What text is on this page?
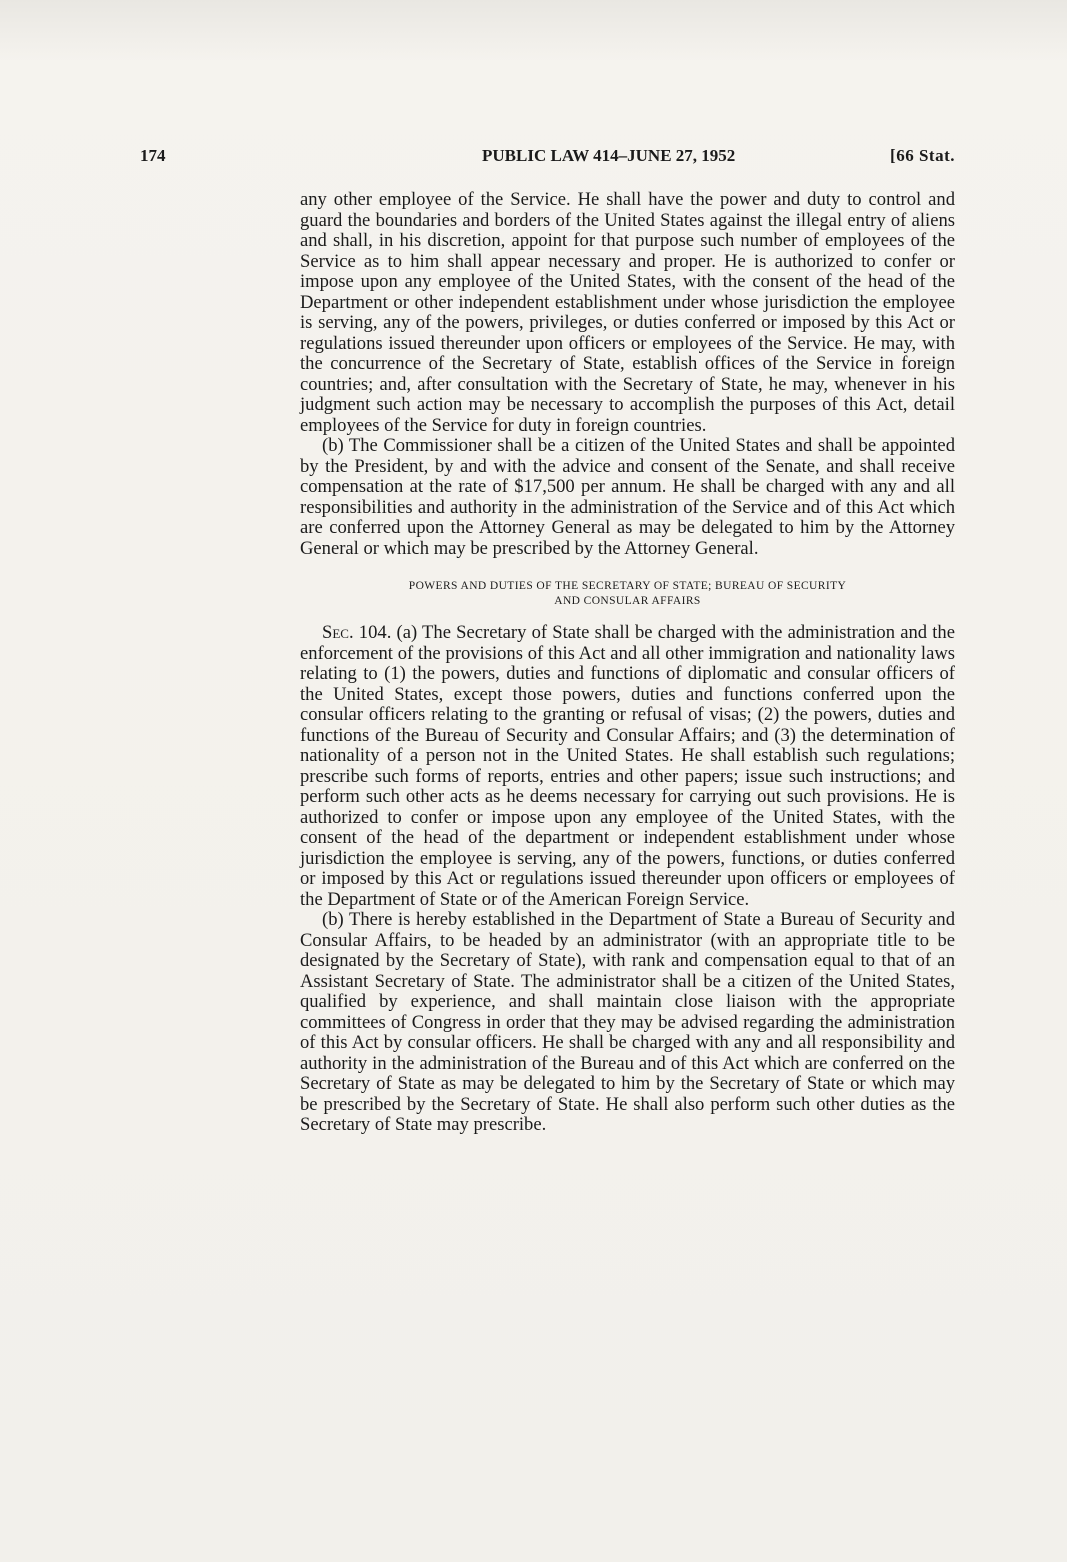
174	PUBLIC LAW 414–JUNE 27, 1952	[66 Stat.

any other employee of the Service. He shall have the power and duty to control and guard the boundaries and borders of the United States against the illegal entry of aliens and shall, in his discretion, appoint for that purpose such number of employees of the Service as to him shall appear necessary and proper. He is authorized to confer or impose upon any employee of the United States, with the consent of the head of the Department or other independent establishment under whose jurisdiction the employee is serving, any of the powers, privileges, or duties conferred or imposed by this Act or regulations issued thereunder upon officers or employees of the Service. He may, with the concurrence of the Secretary of State, establish offices of the Service in foreign countries; and, after consultation with the Secretary of State, he may, whenever in his judgment such action may be necessary to accomplish the purposes of this Act, detail employees of the Service for duty in foreign countries.

(b) The Commissioner shall be a citizen of the United States and shall be appointed by the President, by and with the advice and consent of the Senate, and shall receive compensation at the rate of $17,500 per annum. He shall be charged with any and all responsibilities and authority in the administration of the Service and of this Act which are conferred upon the Attorney General as may be delegated to him by the Attorney General or which may be prescribed by the Attorney General.

POWERS AND DUTIES OF THE SECRETARY OF STATE; BUREAU OF SECURITY
AND CONSULAR AFFAIRS

Sec. 104. (a) The Secretary of State shall be charged with the administration and the enforcement of the provisions of this Act and all other immigration and nationality laws relating to (1) the powers, duties and functions of diplomatic and consular officers of the United States, except those powers, duties and functions conferred upon the consular officers relating to the granting or refusal of visas; (2) the powers, duties and functions of the Bureau of Security and Consular Affairs; and (3) the determination of nationality of a person not in the United States. He shall establish such regulations; prescribe such forms of reports, entries and other papers; issue such instructions; and perform such other acts as he deems necessary for carrying out such provisions. He is authorized to confer or impose upon any employee of the United States, with the consent of the head of the department or independent establishment under whose jurisdiction the employee is serving, any of the powers, functions, or duties conferred or imposed by this Act or regulations issued thereunder upon officers or employees of the Department of State or of the American Foreign Service.

(b) There is hereby established in the Department of State a Bureau of Security and Consular Affairs, to be headed by an administrator (with an appropriate title to be designated by the Secretary of State), with rank and compensation equal to that of an Assistant Secretary of State. The administrator shall be a citizen of the United States, qualified by experience, and shall maintain close liaison with the appropriate committees of Congress in order that they may be advised regarding the administration of this Act by consular officers. He shall be charged with any and all responsibility and authority in the administration of the Bureau and of this Act which are conferred on the Secretary of State as may be delegated to him by the Secretary of State or which may be prescribed by the Secretary of State. He shall also perform such other duties as the Secretary of State may prescribe.
